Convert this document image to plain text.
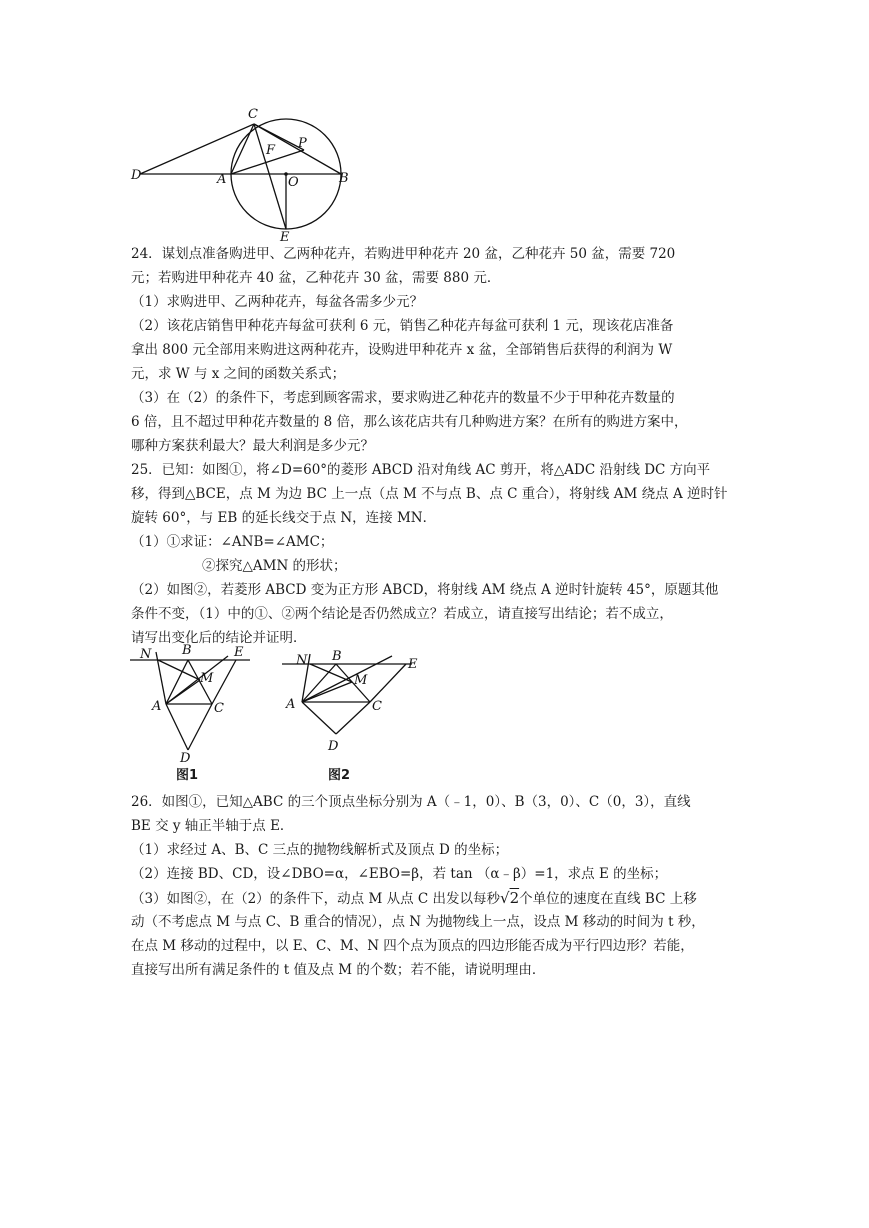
C
P
F
D	A	O	B
E
24．谋划点准备购进甲、乙两种花卉，若购进甲种花卉 20 盆，乙种花卉 50 盆，需要 720
元；若购进甲种花卉 40 盆，乙种花卉 30 盆，需要 880 元．
（1）求购进甲、乙两种花卉，每盆各需多少元？
（2）该花店销售甲种花卉每盆可获利 6 元，销售乙种花卉每盆可获利 1 元，现该花店准备
拿出 800 元全部用来购进这两种花卉，设购进甲种花卉 x 盆，全部销售后获得的利润为 W
元，求 W 与 x 之间的函数关系式；
（3）在（2）的条件下，考虑到顾客需求，要求购进乙种花卉的数量不少于甲种花卉数量的
6 倍，且不超过甲种花卉数量的 8 倍，那么该花店共有几种购进方案？在所有的购进方案中，
哪种方案获利最大？最大利润是多少元？
25．已知：如图①，将∠D=60°的菱形 ABCD 沿对角线 AC 剪开，将△ADC 沿射线 DC 方向平
移，得到△BCE，点 M 为边 BC 上一点（点 M 不与点 B、点 C 重合），将射线 AM 绕点 A 逆时针
旋转 60°，与 EB 的延长线交于点 N，连接 MN．
（1）①求证：∠ANB=∠AMC；
②探究△AMN 的形状；
（2）如图②，若菱形 ABCD 变为正方形 ABCD，将射线 AM 绕点 A 逆时针旋转 45°，原题其他
条件不变，（1）中的①、②两个结论是否仍然成立？若成立，请直接写出结论；若不成立，
请写出变化后的结论并证明．
N B	E
M
A	C
D
图1
N B
E
M
A	C
D
图2
26．如图①，已知△ABC 的三个顶点坐标分别为 A（﹣1，0）、B（3，0）、C（0，3），直线
BE 交 y 轴正半轴于点 E．
（1）求经过 A、B、C 三点的抛物线解析式及顶点 D 的坐标；
（2）连接 BD、CD，设∠DBO=α，∠EBO=β，若 tan （α﹣β）=1，求点 E 的坐标；
（3）如图②，在（2）的条件下，动点 M 从点 C 出发以每秒√2个单位的速度在直线 BC 上移
动（不考虑点 M 与点 C、B 重合的情况），点 N 为抛物线上一点，设点 M 移动的时间为 t 秒，
在点 M 移动的过程中，以 E、C、M、N 四个点为顶点的四边形能否成为平行四边形？若能，
直接写出所有满足条件的 t 值及点 M 的个数；若不能，请说明理由．
